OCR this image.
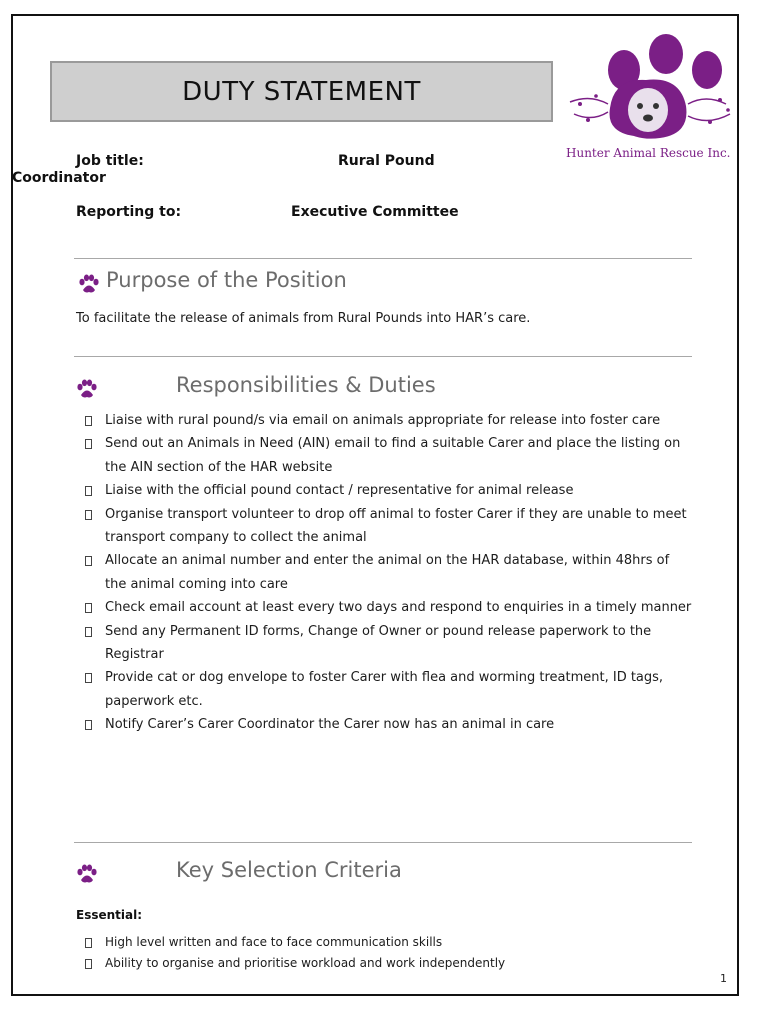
DUTY STATEMENT
Hunter Animal Rescue Inc.
Job title:	Rural Pound
Coordinator
Reporting to:	Executive Committee
Purpose of the Position
To facilitate the release of animals from Rural Pounds into HAR’s care.
Responsibilities & Duties
Liaise with rural pound/s via email on animals appropriate for release into foster care
Send out an Animals in Need (AIN) email to find a suitable Carer and place the listing on the AIN section of the HAR website
Liaise with the official pound contact / representative for animal release
Organise transport volunteer to drop off animal to foster Carer if they are unable to meet transport company to collect the animal
Allocate an animal number and enter the animal on the HAR database, within 48hrs of the animal coming into care
Check email account at least every two days and respond to enquiries in a timely manner
Send any Permanent ID forms, Change of Owner or pound release paperwork to the Registrar
Provide cat or dog envelope to foster Carer with flea and worming treatment, ID tags, paperwork etc.
Notify Carer’s Carer Coordinator the Carer now has an animal in care
Key Selection Criteria
Essential:
High level written and face to face communication skills
Ability to organise and prioritise workload and work independently
1
